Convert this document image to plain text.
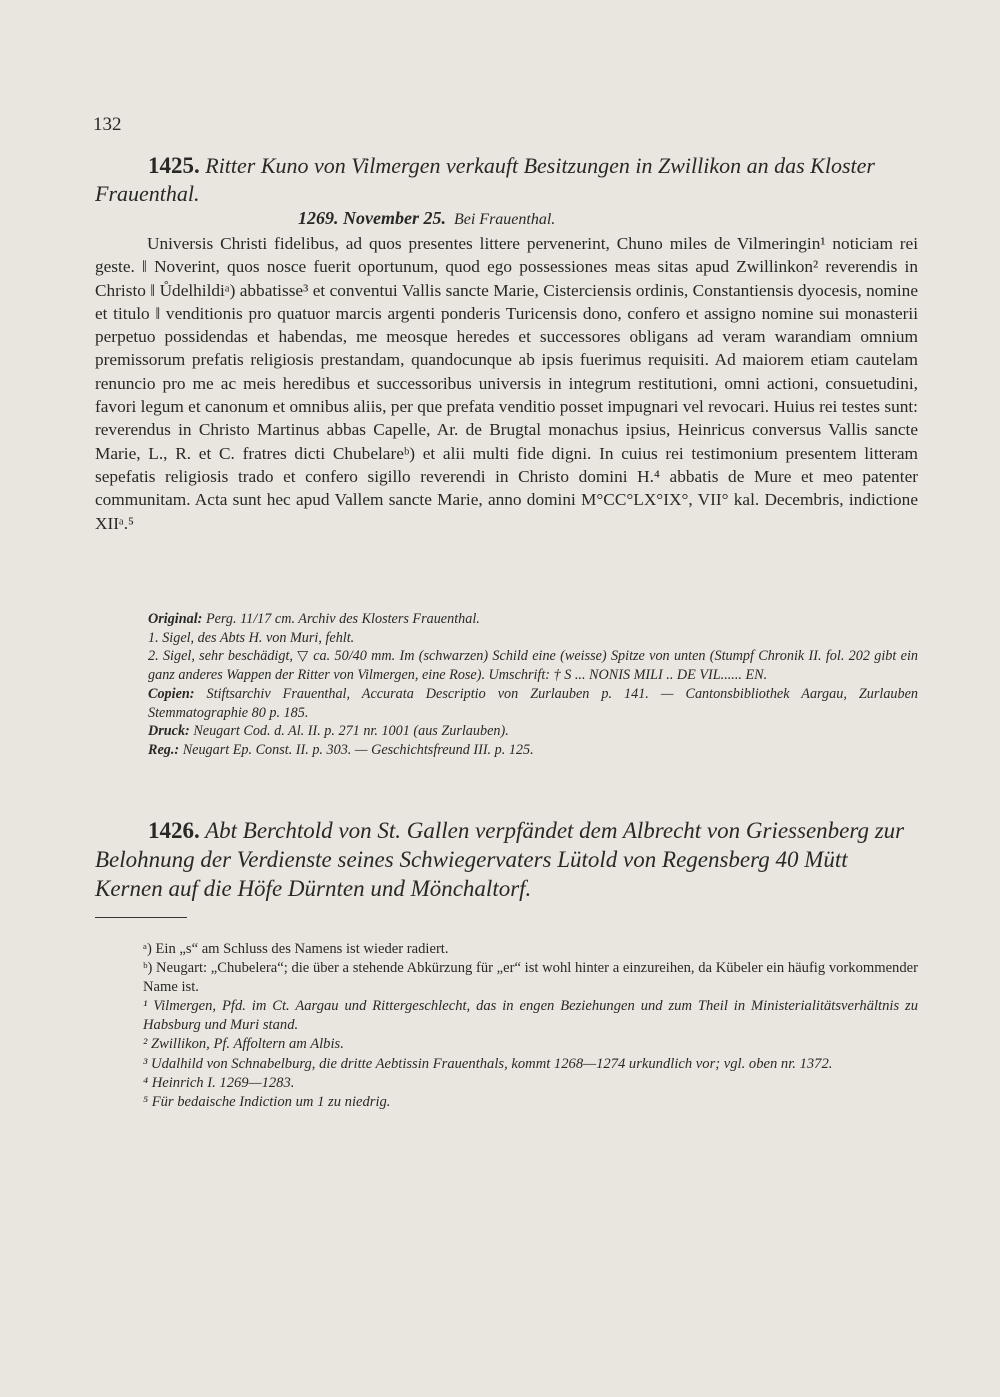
132
1425. Ritter Kuno von Vilmergen verkauft Besitzungen in Zwillikon an das Kloster Frauenthal.
1269. November 25. Bei Frauenthal.

Universis Christi fidelibus, ad quos presentes littere pervenerint, Chuno miles de Vilmeringin¹ noticiam rei geste. ‖ Noverint, quos nosce fuerit oportunum, quod ego possessiones meas sitas apud Zwillinkon² reverendis in Christo ‖ Ůdelhildiᵃ) abbatisse³ et conventui Vallis sancte Marie, Cisterciensis ordinis, Constantiensis dyocesis, nomine et titulo ‖ venditionis pro quatuor marcis argenti ponderis Turicensis dono, confero et assigno nomine sui monasterii perpetuo possidendas et habendas, me meosque heredes et successores obligans ad veram warandiam omnium premissorum prefatis religiosis prestandam, quandocunque ab ipsis fuerimus requisiti. Ad maiorem etiam cautelam renuncio pro me ac meis heredibus et successoribus universis in integrum restitutioni, omni actioni, consuetudini, favori legum et canonum et omnibus aliis, per que prefata venditio posset impugnari vel revocari. Huius rei testes sunt: reverendus in Christo Martinus abbas Capelle, Ar. de Brugtal monachus ipsius, Heinricus conversus Vallis sancte Marie, L., R. et C. fratres dicti Chubelareᵇ) et alii multi fide digni. In cuius rei testimonium presentem litteram sepefatis religiosis trado et confero sigillo reverendi in Christo domini H.⁴ abbatis de Mure et meo patenter communitam. Acta sunt hec apud Vallem sancte Marie, anno domini M°CC°LX°IX°, VII° kal. Decembris, indictione XIIᵃ.⁵

Original: Perg. 11/17 cm. Archiv des Klosters Frauenthal.
1. Sigel, des Abts H. von Muri, fehlt.
2. Sigel, sehr beschädigt, ▽ ca. 50/40 mm. Im (schwarzen) Schild eine (weisse) Spitze von unten (Stumpf Chronik II. fol. 202 gibt ein ganz anderes Wappen der Ritter von Vilmergen, eine Rose). Umschrift: † S ... NONIS MILI .. DE VIL...... EN.
Copien: Stiftsarchiv Frauenthal, Accurata Descriptio von Zurlauben p. 141. — Cantonsbibliothek Aargau, Zurlauben Stemmatographie 80 p. 185.
Druck: Neugart Cod. d. Al. II. p. 271 nr. 1001 (aus Zurlauben).
Reg.: Neugart Ep. Const. II. p. 303. — Geschichtsfreund III. p. 125.
1426. Abt Berchtold von St. Gallen verpfändet dem Albrecht von Griessenberg zur Belohnung der Verdienste seines Schwiegervaters Lütold von Regensberg 40 Mütt Kernen auf die Höfe Dürnten und Mönchaltorf.
ᵃ) Ein „s“ am Schluss des Namens ist wieder radiert.
ᵇ) Neugart: „Chubelera“; die über a stehende Abkürzung für „er“ ist wohl hinter a einzureihen, da Kübeler ein häufig vorkommender Name ist.
¹ Vilmergen, Pfd. im Ct. Aargau und Rittergeschlecht, das in engen Beziehungen und zum Theil in Ministerialitätsverhältnis zu Habsburg und Muri stand.
² Zwillikon, Pf. Affoltern am Albis.
³ Udalhild von Schnabelburg, die dritte Aebtissin Frauenthals, kommt 1268—1274 urkundlich vor; vgl. oben nr. 1372.
⁴ Heinrich I. 1269—1283.
⁵ Für bedaische Indiction um 1 zu niedrig.
